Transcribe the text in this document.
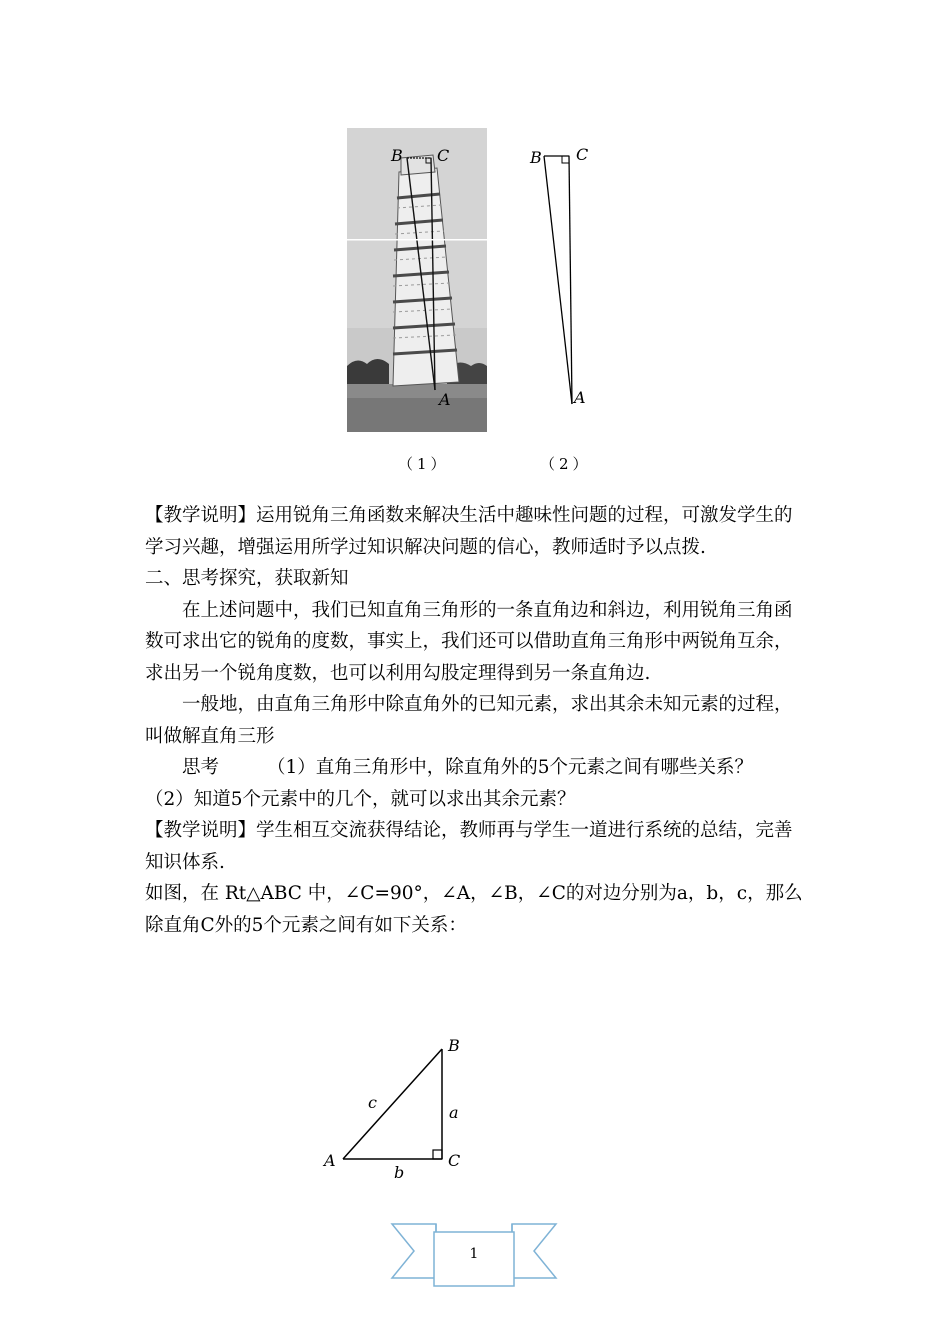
B C
A
B C
A
（1）	（2）

【教学说明】运用锐角三角函数来解决生活中趣味性问题的过程，可激发学生的学习兴趣，增强运用所学过知识解决问题的信心，教师适时予以点拨.

二、思考探究，获取新知

在上述问题中，我们已知直角三角形的一条直角边和斜边，利用锐角三角函数可求出它的锐角的度数，事实上，我们还可以借助直角三角形中两锐角互余，求出另一个锐角度数，也可以利用勾股定理得到另一条直角边.

一般地，由直角三角形中除直角外的已知元素，求出其余未知元素的过程，叫做解直角三形

思考	（1）直角三角形中，除直角外的5个元素之间有哪些关系？

（2）知道5个元素中的几个，就可以求出其余元素？

【教学说明】学生相互交流获得结论，教师再与学生一道进行系统的总结，完善知识体系.

如图，在 Rt△ABC 中，∠C=90°，∠A，∠B，∠C的对边分别为a，b，c，那么除直角C外的5个元素之间有如下关系：

A
B
C
a
b
c
1
